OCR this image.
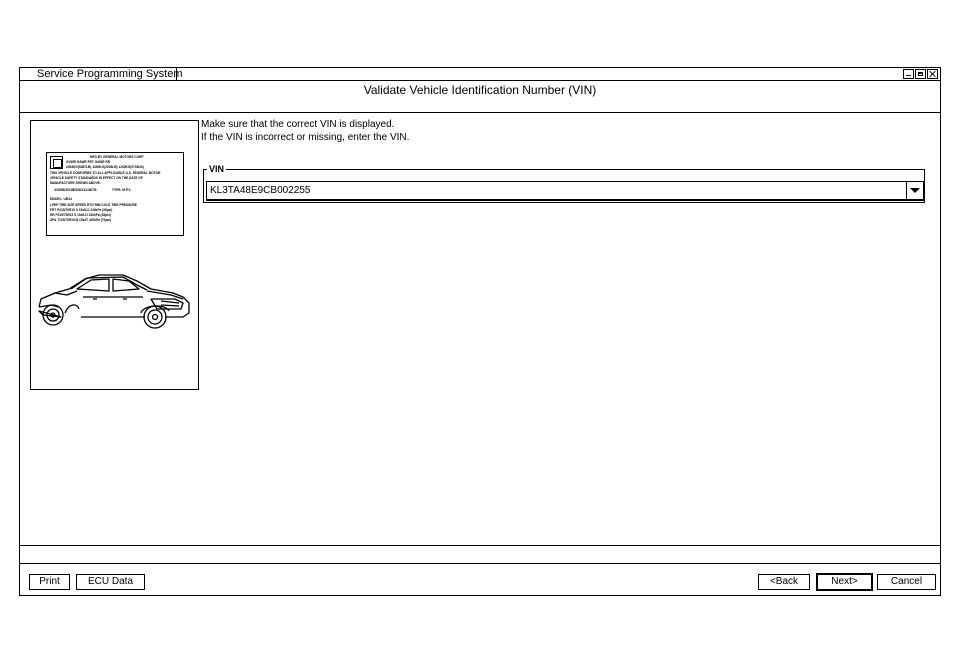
Service Programming System
Validate Vehicle Identification Number (VIN)
MFD BY GENERAL MOTORS CORP
GVWR GAWR FRT GAWR RR
2494KG(5487LB) 1330KG(2926LB) 1230KG(2706LB)
THIS VEHICLE CONFORMS TO ALL APPLICABLE U.S. FEDERAL MOTOR
VEHICLE SAFETY STANDARDS IN EFFECT ON THE DATE OF
MANUFACTURE SHOWN ABOVE.
1GMDX03E8XD124678	TYPE: M.P.V.
MODEL: UM14
LPEP TIRE SIZE SPEED RTG RIM COLD TIRE PRESSURE
FRT P215/70R15 S 15x6JJ 240kPa (35psi)
RR P215/70R15 S 15x6JJ 240kPa (35psi)
SPA T125/70R15 M 15x4T 420kPa (70psi)
Make sure that the correct VIN is displayed.
If the VIN is incorrect or missing, enter the VIN.
VIN
KL3TA48E9CB002255
Print	ECU Data	<Back	Next>	Cancel
